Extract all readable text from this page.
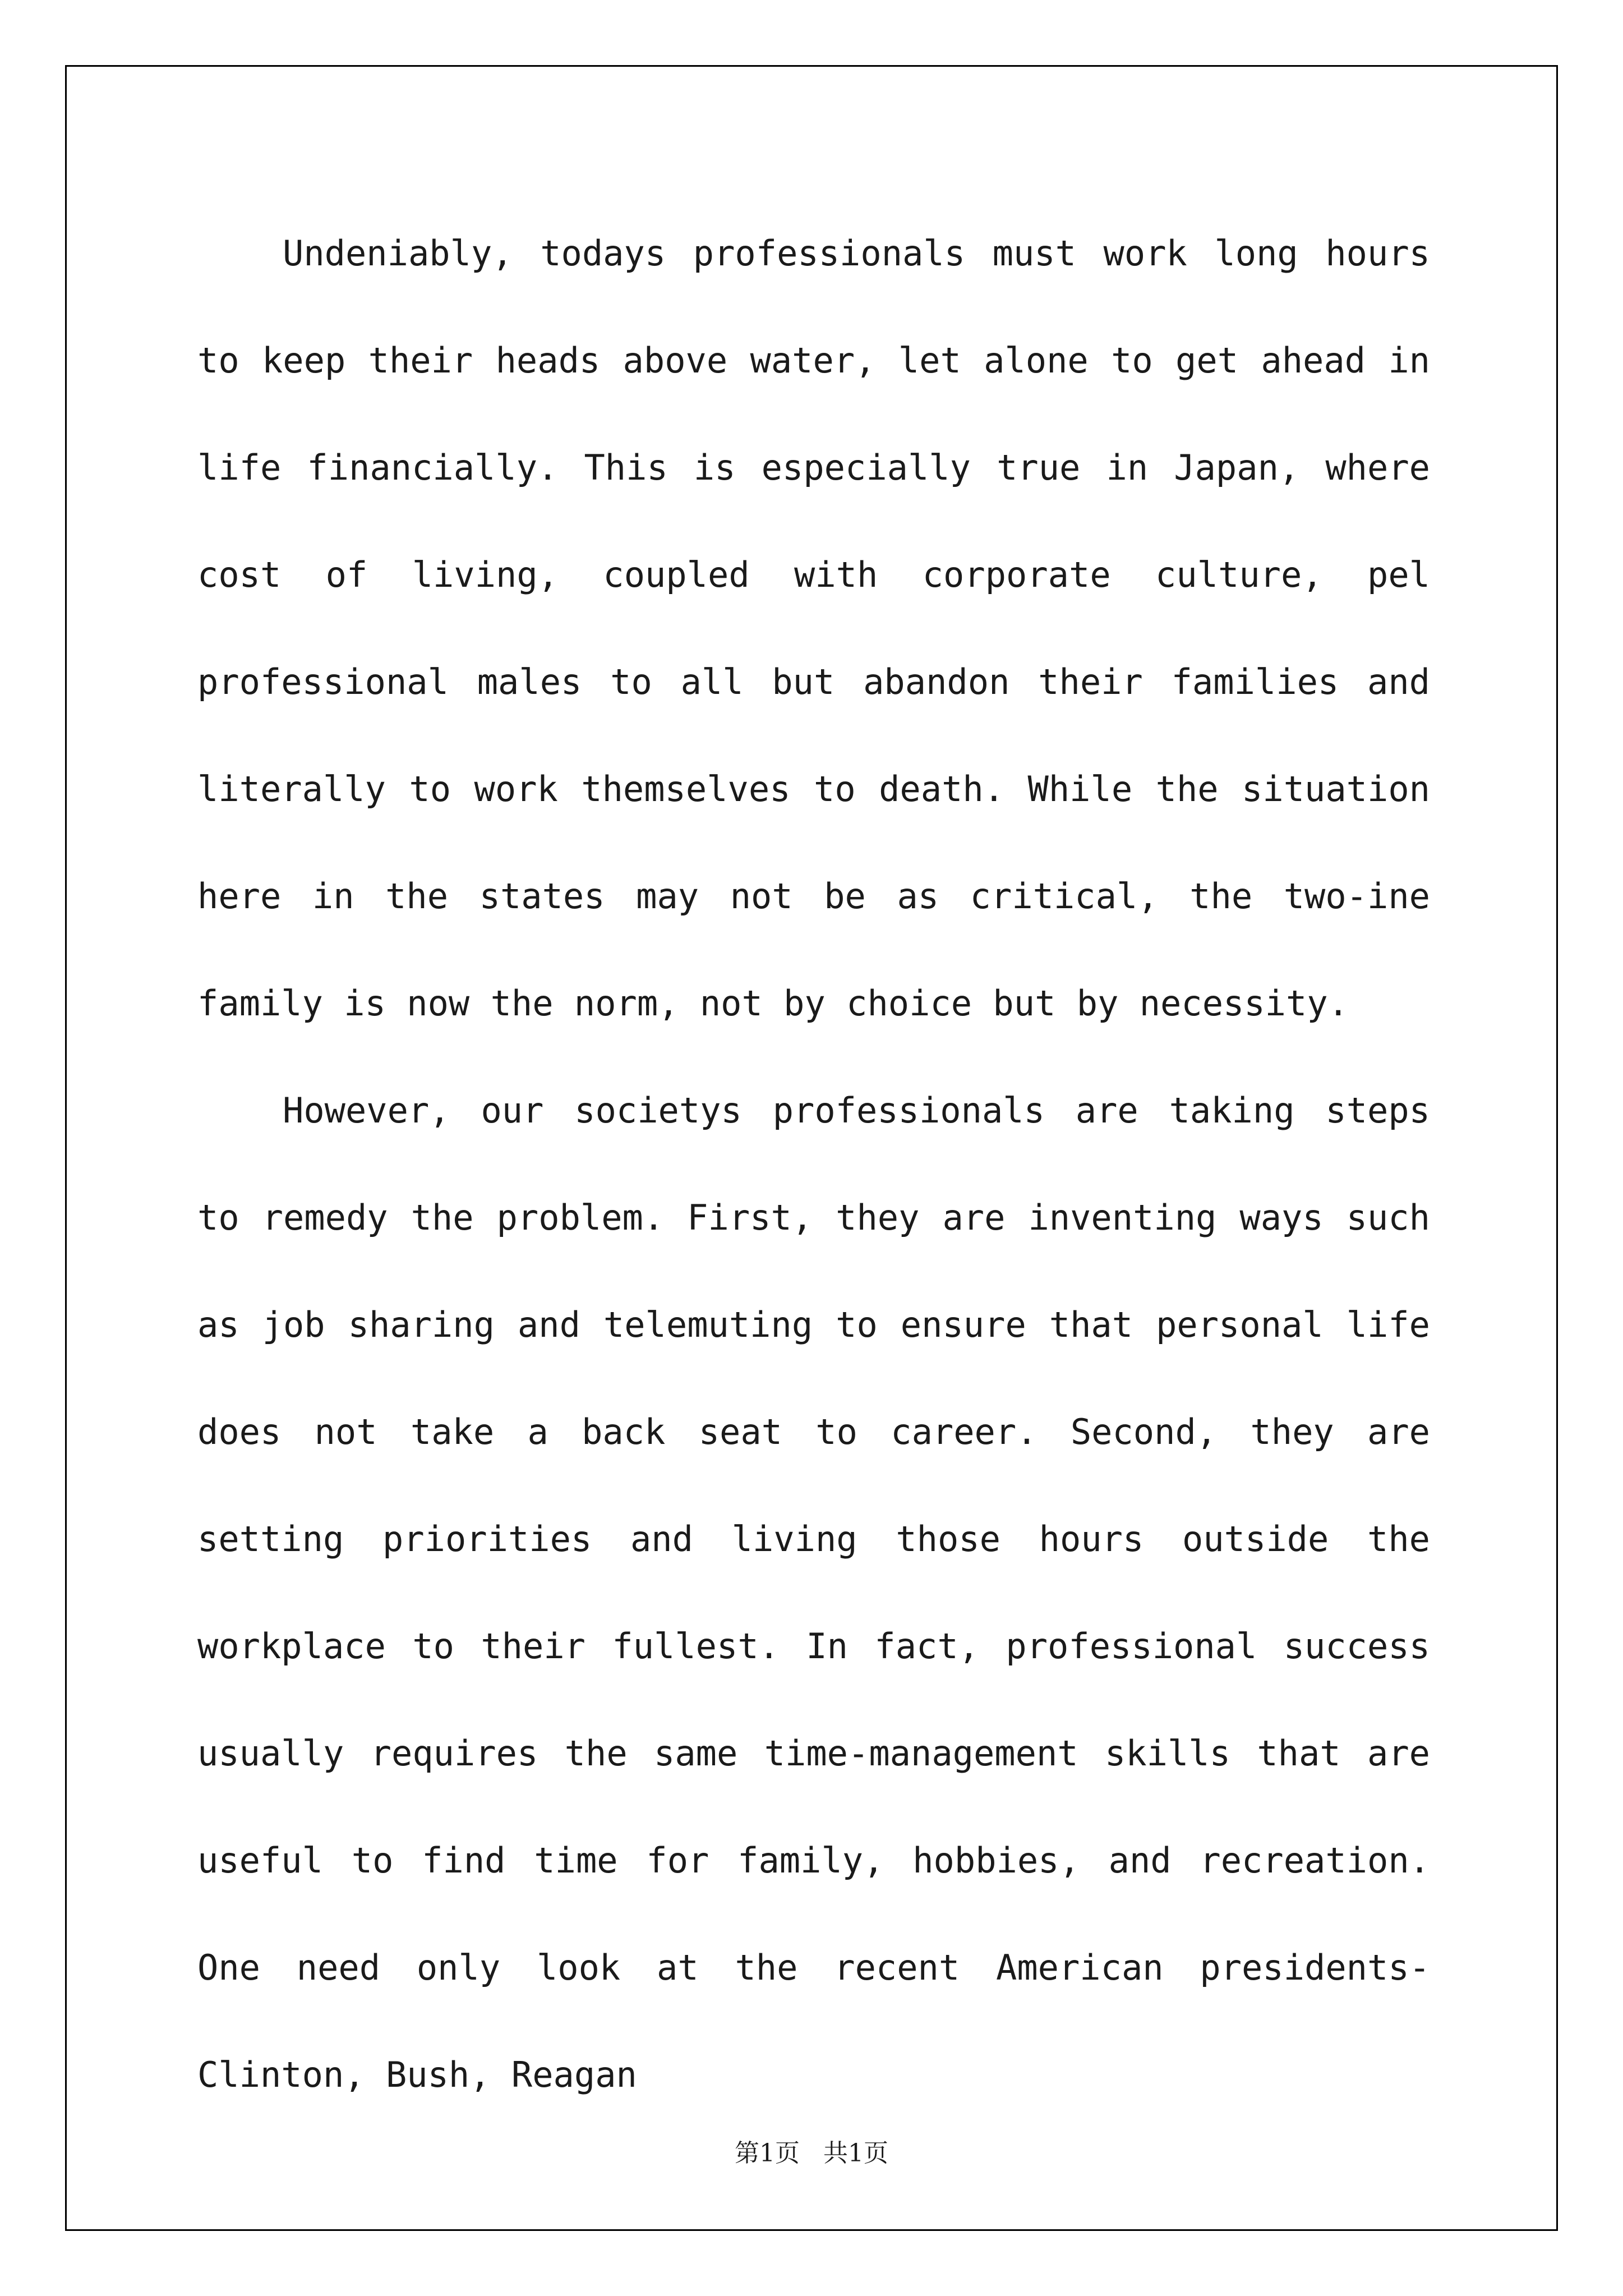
Undeniably, todays professionals must work long hours to keep their heads above water, let alone to get ahead in life financially. This is especially true in Japan, where cost of living, coupled with corporate culture, pel professional males to all but abandon their families and literally to work themselves to death. While the situation here in the states may not be as critical, the two-ine family is now the norm, not by choice but by necessity.

However, our societys professionals are taking steps to remedy the problem. First, they are inventing ways such as job sharing and telemuting to ensure that personal life does not take a back seat to career. Second, they are setting priorities and living those hours outside the workplace to their fullest. In fact, professional success usually requires the same time-management skills that are useful to find time for family, hobbies, and recreation. One need only look at the recent American presidents-Clinton, Bush, Reagan

第1页   共1页
